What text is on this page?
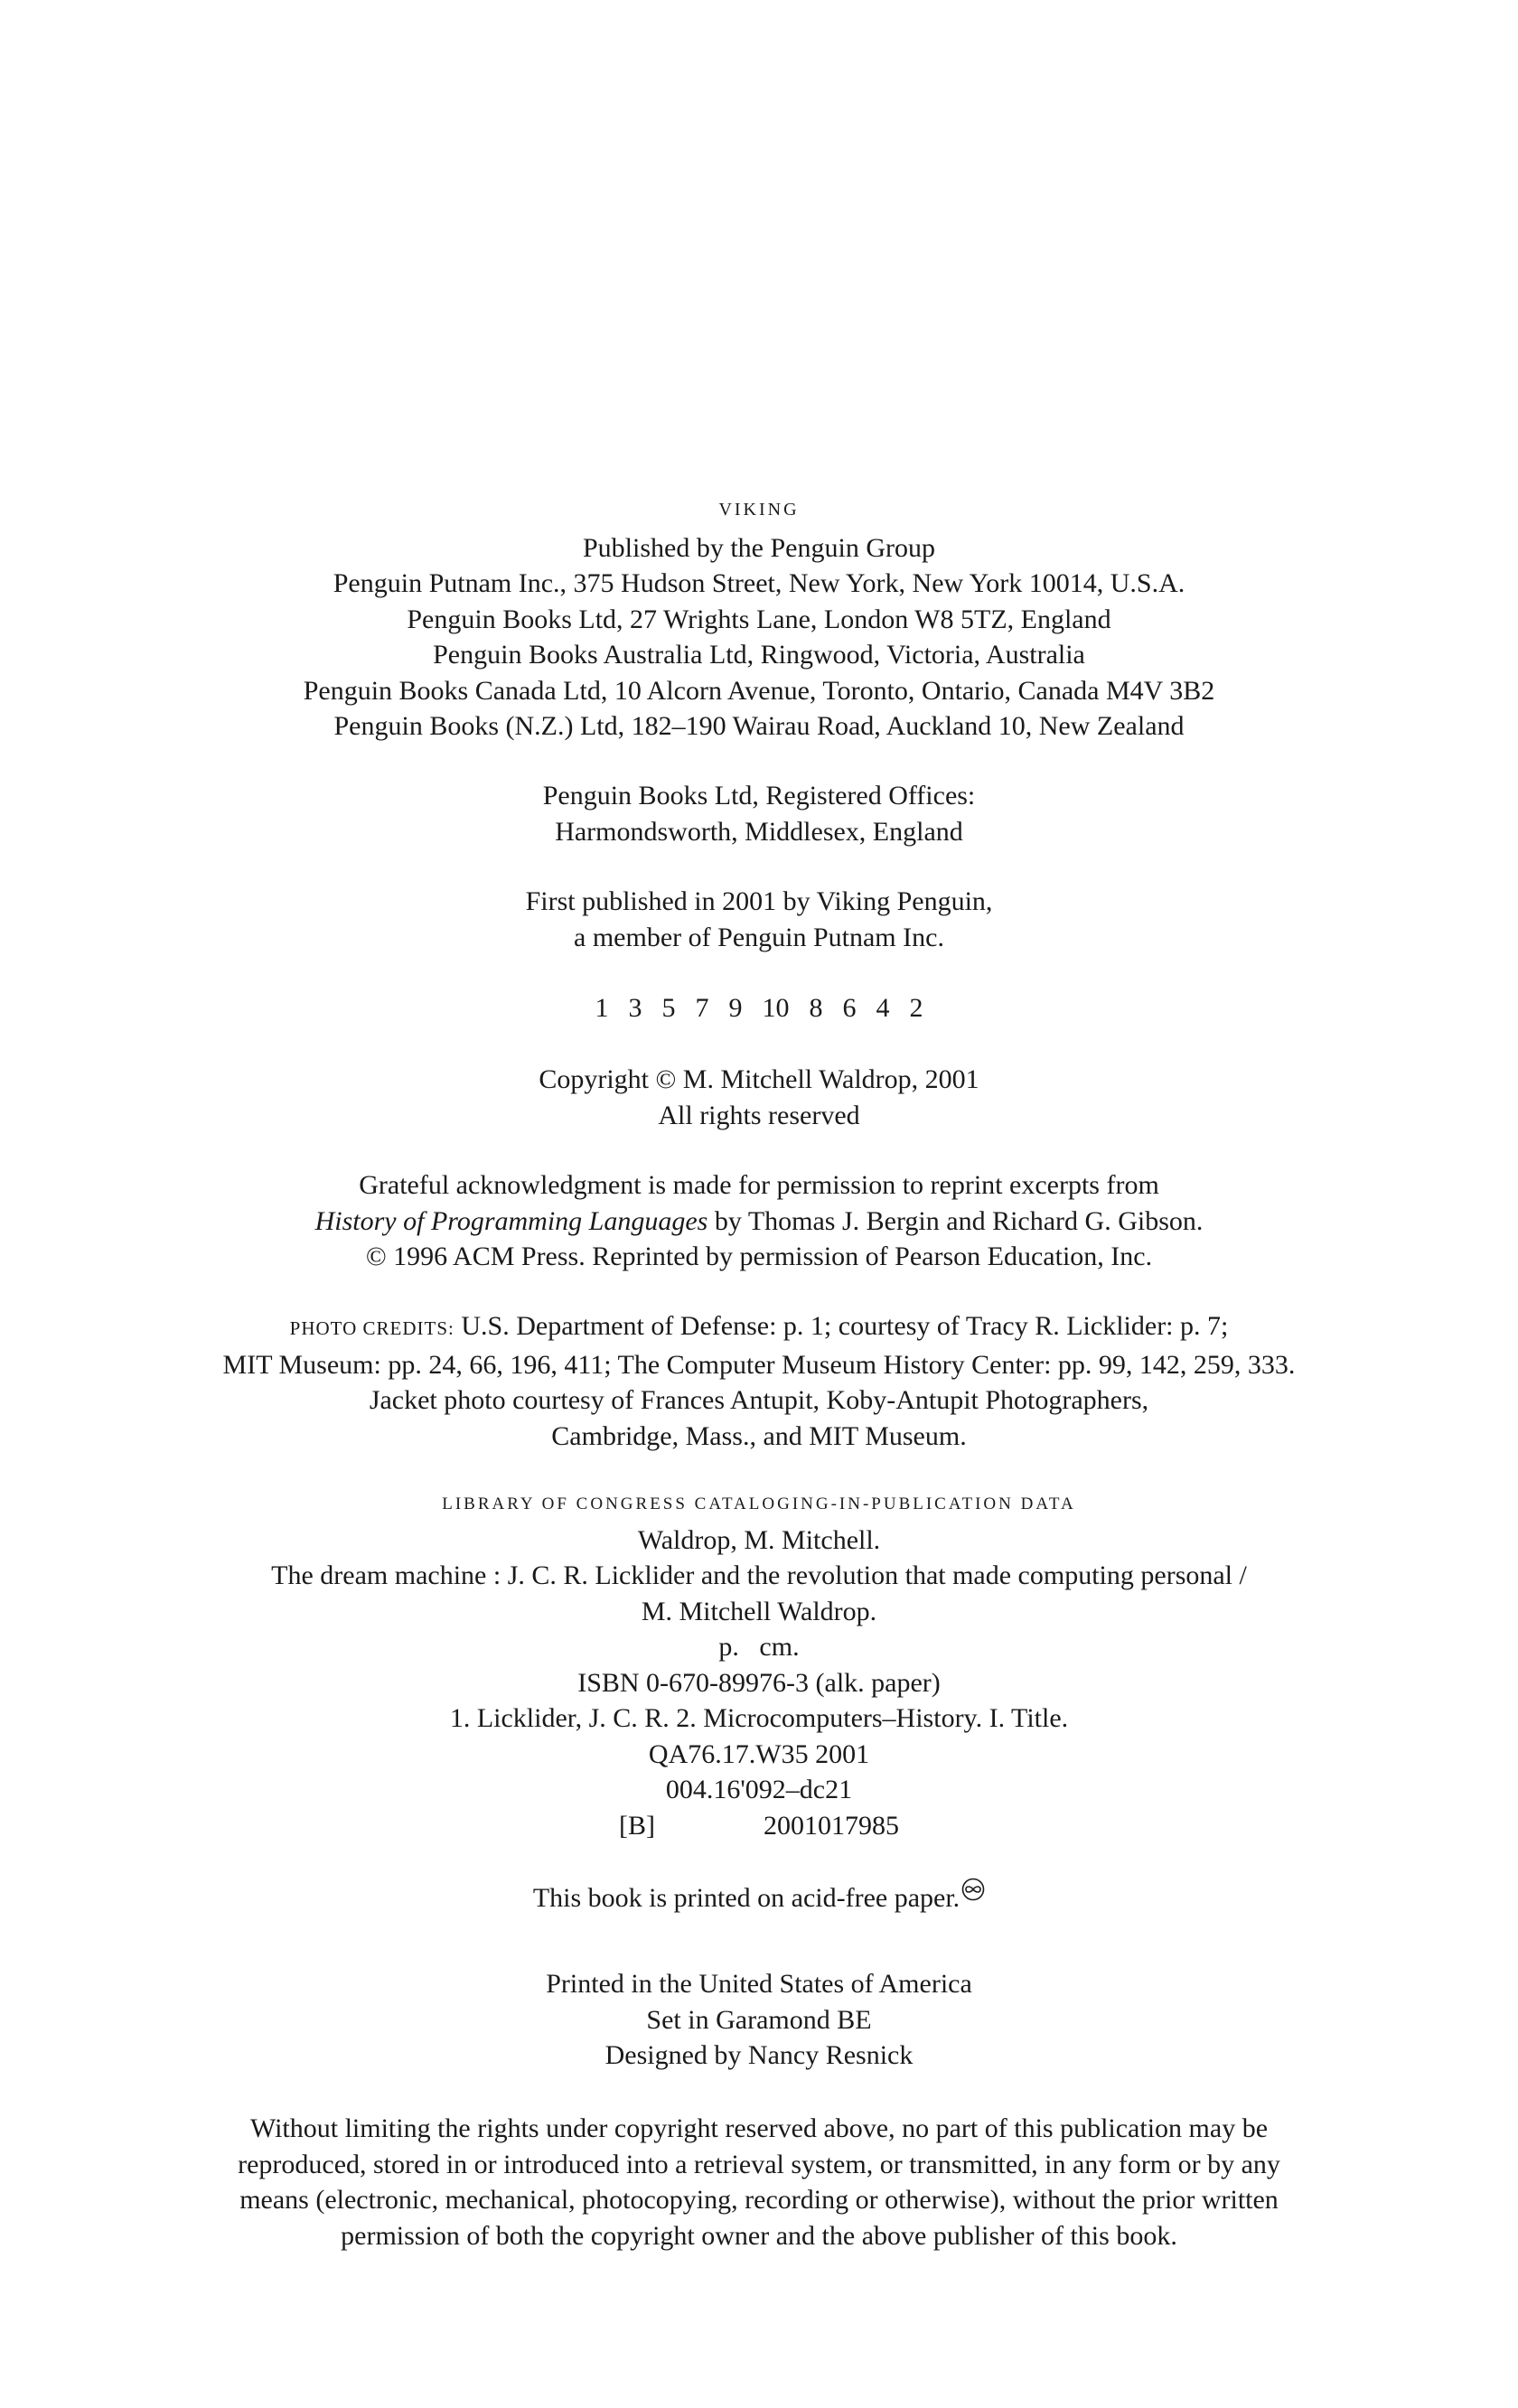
VIKING
Published by the Penguin Group
Penguin Putnam Inc., 375 Hudson Street, New York, New York 10014, U.S.A.
Penguin Books Ltd, 27 Wrights Lane, London W8 5TZ, England
Penguin Books Australia Ltd, Ringwood, Victoria, Australia
Penguin Books Canada Ltd, 10 Alcorn Avenue, Toronto, Ontario, Canada M4V 3B2
Penguin Books (N.Z.) Ltd, 182–190 Wairau Road, Auckland 10, New Zealand
Penguin Books Ltd, Registered Offices:
Harmondsworth, Middlesex, England
First published in 2001 by Viking Penguin,
a member of Penguin Putnam Inc.
1 3 5 7 9 10 8 6 4 2
Copyright © M. Mitchell Waldrop, 2001
All rights reserved
Grateful acknowledgment is made for permission to reprint excerpts from
History of Programming Languages by Thomas J. Bergin and Richard G. Gibson.
© 1996 ACM Press. Reprinted by permission of Pearson Education, Inc.
PHOTO CREDITS: U.S. Department of Defense: p. 1; courtesy of Tracy R. Licklider: p. 7;
MIT Museum: pp. 24, 66, 196, 411; The Computer Museum History Center: pp. 99, 142, 259, 333.
Jacket photo courtesy of Frances Antupit, Koby-Antupit Photographers,
Cambridge, Mass., and MIT Museum.
LIBRARY OF CONGRESS CATALOGING-IN-PUBLICATION DATA
Waldrop, M. Mitchell.
The dream machine : J. C. R. Licklider and the revolution that made computing personal /
M. Mitchell Waldrop.
p.   cm.
ISBN 0-670-89976-3 (alk. paper)
1. Licklider, J. C. R. 2. Microcomputers–History. I. Title.
QA76.17.W35 2001
004.16'092–dc21
[B]	2001017985
This book is printed on acid-free paper.
Printed in the United States of America
Set in Garamond BE
Designed by Nancy Resnick
Without limiting the rights under copyright reserved above, no part of this publication may be
reproduced, stored in or introduced into a retrieval system, or transmitted, in any form or by any
means (electronic, mechanical, photocopying, recording or otherwise), without the prior written
permission of both the copyright owner and the above publisher of this book.
